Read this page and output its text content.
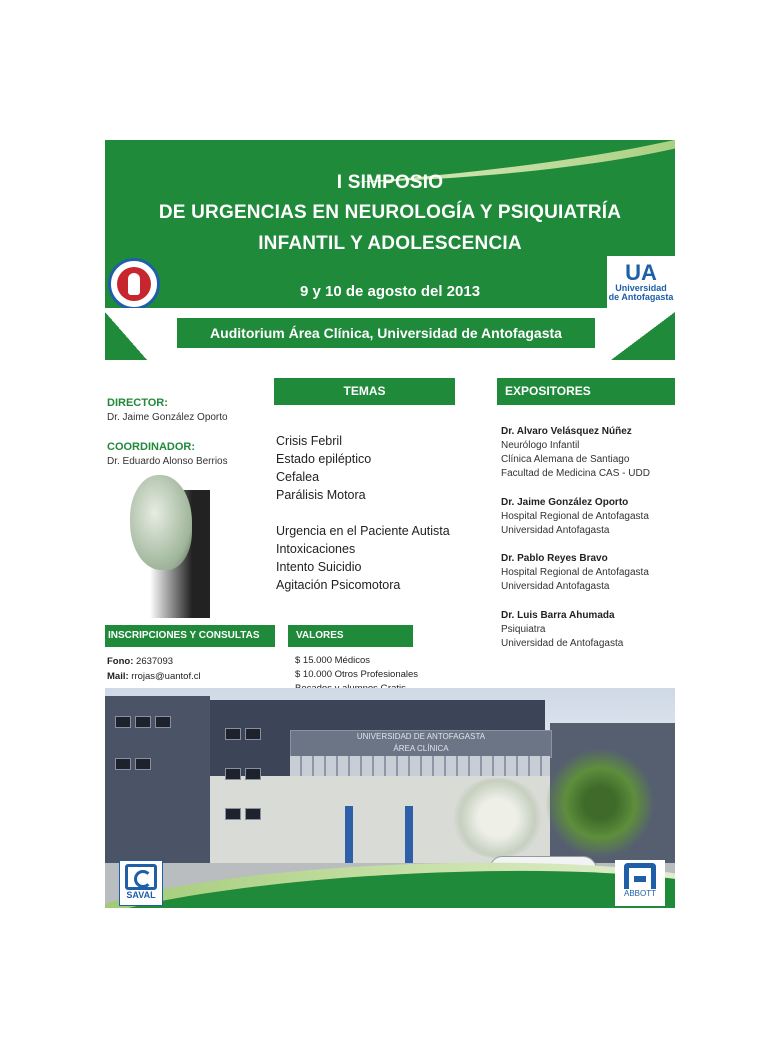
I SIMPOSIO
DE URGENCIAS EN NEUROLOGÍA Y PSIQUIATRÍA
INFANTIL Y ADOLESCENCIA
9 y 10 de agosto del 2013
UA
Universidad
de Antofagasta
Auditorium Área Clínica, Universidad de Antofagasta
TEMAS	EXPOSITORES
DIRECTOR:
Dr. Jaime González Oporto
COORDINADOR:
Dr. Eduardo Alonso Berrios
Crisis Febril
Estado epiléptico
Cefalea
Parálisis Motora
Urgencia en el Paciente Autista
Intoxicaciones
Intento Suicidio
Agitación Psicomotora
Dr. Alvaro Velásquez Núñez
Neurólogo Infantil
Clínica Alemana de Santiago
Facultad de Medicina CAS - UDD
Dr. Jaime González Oporto
Hospital Regional de Antofagasta
Universidad Antofagasta
Dr. Pablo Reyes Bravo
Hospital Regional de Antofagasta
Universidad Antofagasta
Dr. Luis Barra Ahumada
Psiquiatra
Universidad de Antofagasta
INSCRIPCIONES Y CONSULTAS	VALORES
Fono: 2637093
Mail: rrojas@uantof.cl
$ 15.000 Médicos
$ 10.000 Otros Profesionales
UNIVERSIDAD DE ANTOFAGASTA
ÁREA CLÍNICA
SAVAL	ABBOTT
